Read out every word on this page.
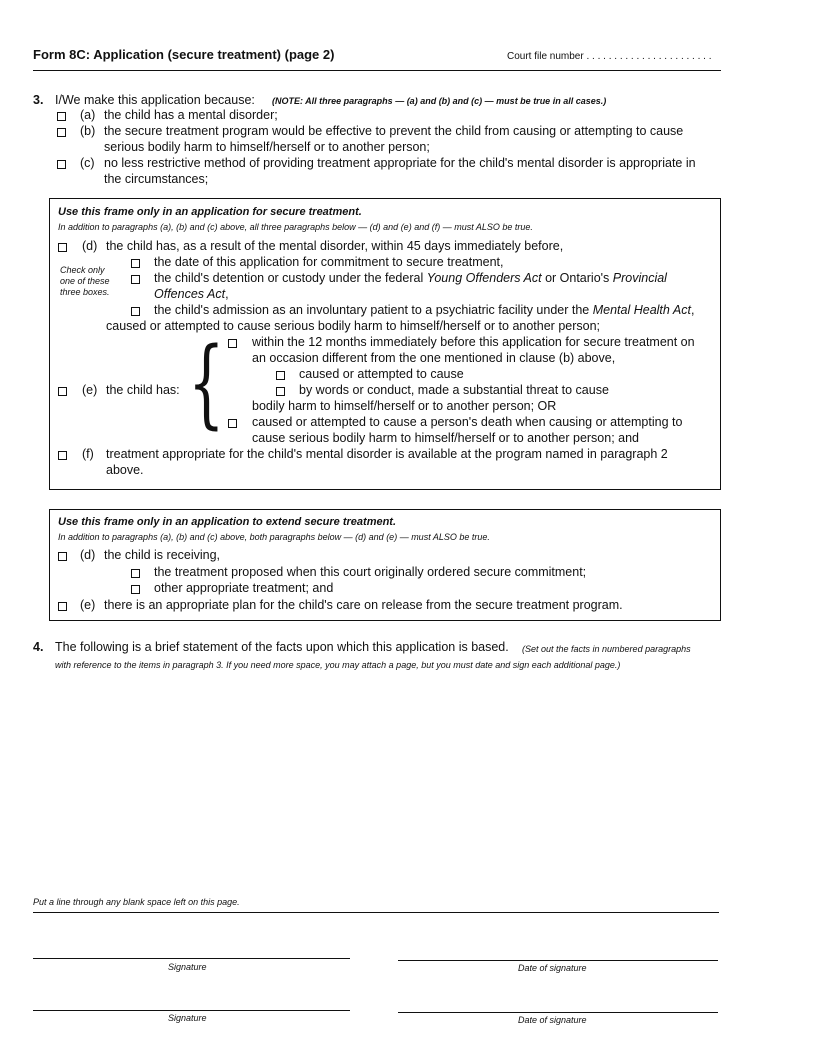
Form 8C: Application (secure treatment) (page 2)	Court file number . . . . . . . . . . . . . . . . . . . . . . .
3. I/We make this application because: (NOTE: All three paragraphs — (a) and (b) and (c) — must be true in all cases.)
(a) the child has a mental disorder;
(b) the secure treatment program would be effective to prevent the child from causing or attempting to cause
serious bodily harm to himself/herself or to another person;
(c) no less restrictive method of providing treatment appropriate for the child's mental disorder is appropriate in
the circumstances;
Use this frame only in an application for secure treatment.
In addition to paragraphs (a), (b) and (c) above, all three paragraphs below — (d) and (e) and (f) — must ALSO be true.
(d) the child has, as a result of the mental disorder, within 45 days immediately before,
Check only
one of these
three boxes.
the date of this application for commitment to secure treatment,
the child's detention or custody under the federal Young Offenders Act or Ontario's Provincial
Offences Act,
the child's admission as an involuntary patient to a psychiatric facility under the Mental Health Act,
caused or attempted to cause serious bodily harm to himself/herself or to another person;
(e) the child has: { within the 12 months immediately before this application for secure treatment on
an occasion different from the one mentioned in clause (b) above,
caused or attempted to cause
by words or conduct, made a substantial threat to cause
bodily harm to himself/herself or to another person; OR
caused or attempted to cause a person's death when causing or attempting to
cause serious bodily harm to himself/herself or to another person; and
(f) treatment appropriate for the child's mental disorder is available at the program named in paragraph 2
above.
Use this frame only in an application to extend secure treatment.
In addition to paragraphs (a), (b) and (c) above, both paragraphs below — (d) and (e) — must ALSO be true.
(d) the child is receiving,
the treatment proposed when this court originally ordered secure commitment;
other appropriate treatment; and
(e) there is an appropriate plan for the child's care on release from the secure treatment program.
4. The following is a brief statement of the facts upon which this application is based. (Set out the facts in numbered paragraphs
with reference to the items in paragraph 3. If you need more space, you may attach a page, but you must date and sign each additional page.)
Put a line through any blank space left on this page.
Signature	Date of signature
Signature	Date of signature
